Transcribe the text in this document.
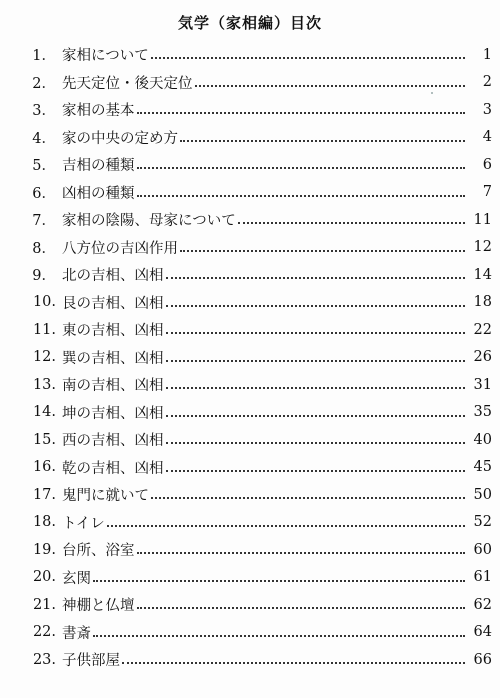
気学（家相編）目次
1． 家相について	1
2． 先天定位・後天定位	2
3． 家相の基本	3
4． 家の中央の定め方	4
5． 吉相の種類	6
6． 凶相の種類	7
7． 家相の陰陽、母家について	11
8． 八方位の吉凶作用	12
9． 北の吉相、凶相	14
10. 艮の吉相、凶相	18
11. 東の吉相、凶相	22
12. 巽の吉相、凶相	26
13. 南の吉相、凶相	31
14. 坤の吉相、凶相	35
15. 西の吉相、凶相	40
16. 乾の吉相、凶相	45
17. 鬼門に就いて	50
18. トイレ	52
19. 台所、浴室	60
20. 玄関	61
21. 神棚と仏壇	62
22. 書斎	64
23. 子供部屋	66
